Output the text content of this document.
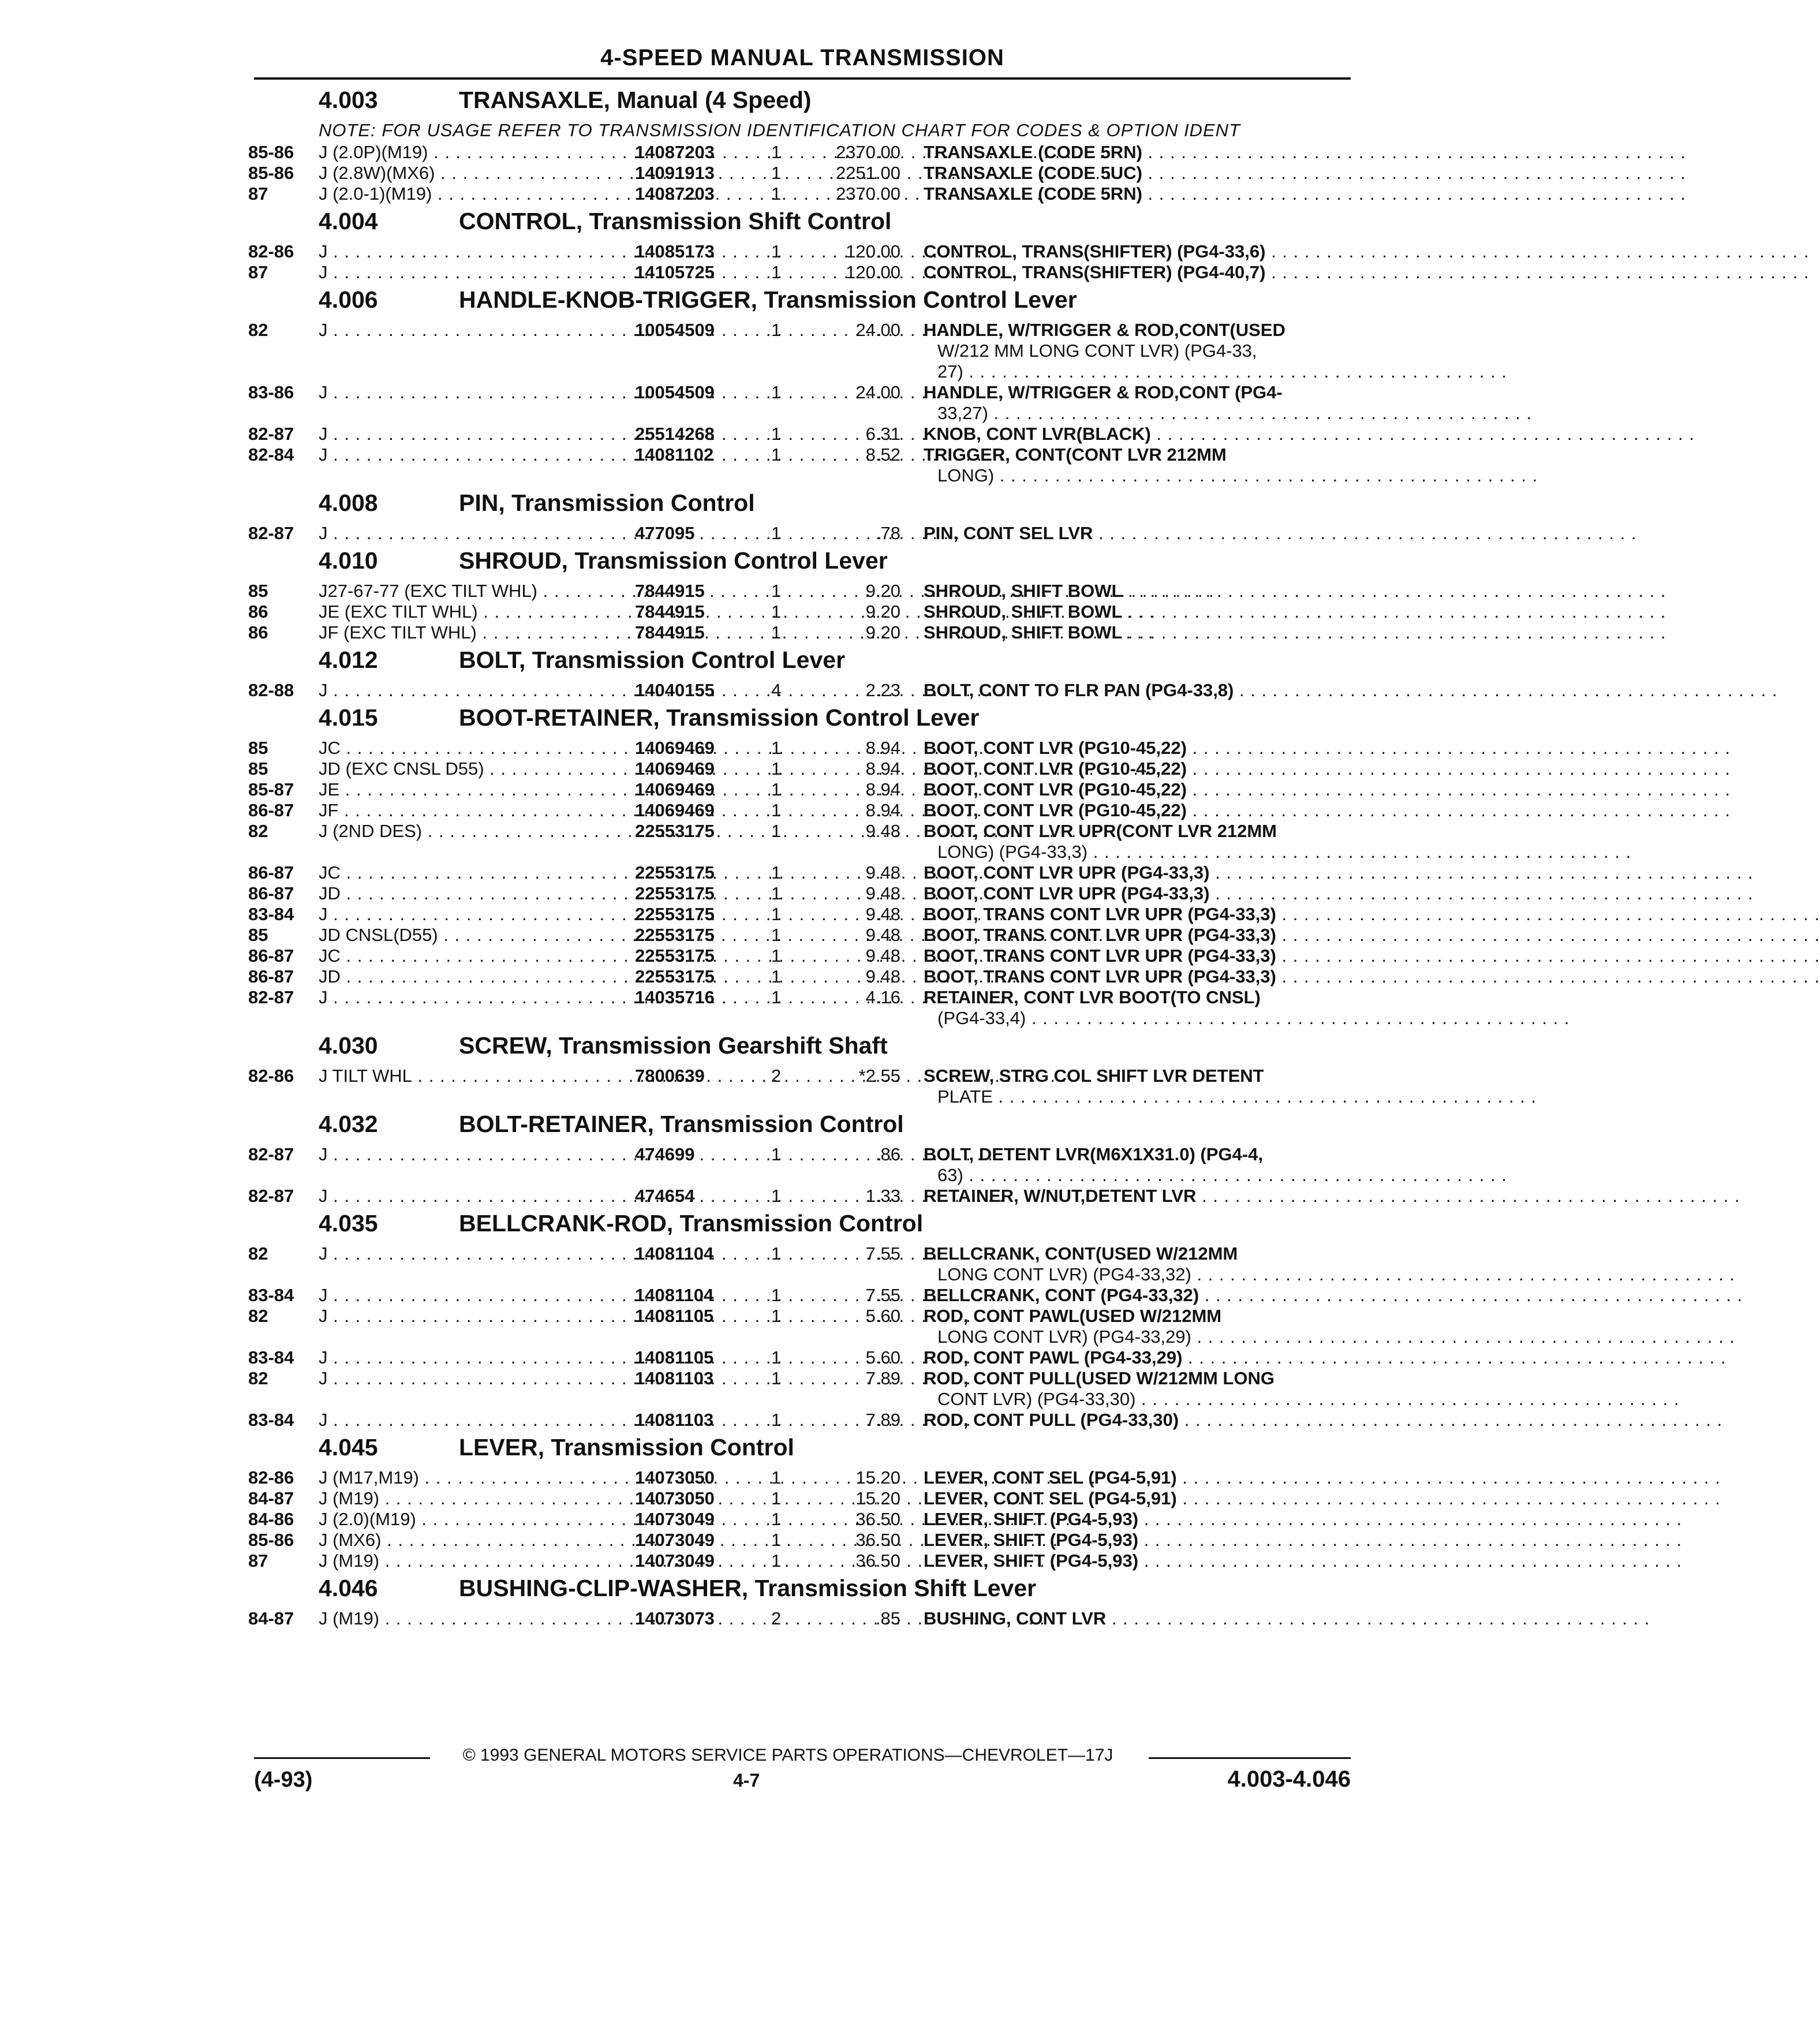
4-SPEED MANUAL TRANSMISSION
4.003	TRANSAXLE, Manual (4 Speed)
NOTE: FOR USAGE REFER TO TRANSMISSION IDENTIFICATION CHART FOR CODES & OPTION IDENT
85-86 J (2.0P)(M19) . . .	14087203	1	2370.00 TRANSAXLE (CODE 5RN) . . . . . . . . . . . . . . . . . . . . . . . . . . . . . . . . . . . . . . . . . . . . . . . . .
85-86 J (2.8W)(MX6) . . .	14091913	1	2251.00 TRANSAXLE (CODE 5UC) . . . . . . . . . . . . . . . . . . . . . . . . . . . . . . . . . . . . . . . . . . . . . . . . .
87	J (2.0-1)(M19) . . .	14087203	1	2370.00 TRANSAXLE (CODE 5RN) . . . . . . . . . . . . . . . . . . . . . . . . . . . . . . . . . . . . . . . . . . . . . . . . .
4.004	CONTROL, Transmission Shift Control
82-86 J . . .	14085173	1	120.00 CONTROL, TRANS(SHIFTER) (PG4-33,6) . . . . . . . . . . . . . . . . . . . . . . . . . . . . . . . . . . . . . . . . . . . . . . . . .
87	J . . .	14105725	1	120.00 CONTROL, TRANS(SHIFTER) (PG4-40,7) . . . . . . . . . . . . . . . . . . . . . . . . . . . . . . . . . . . . . . . . . . . . . . . . .
4.006	HANDLE-KNOB-TRIGGER, Transmission Control Lever
82	J . . .	10054509	1	24.00 HANDLE, W/TRIGGER & ROD,CONT(USED
W/212 MM LONG CONT LVR) (PG4-33,
27) . . . . . . . . . . . . . . . . . . . . . . . . . . . . . . . . . . . . . . . . . . . . . . . . .
83-86 J . . .	10054509	1	24.00 HANDLE, W/TRIGGER & ROD,CONT (PG4-
33,27) . . . . . . . . . . . . . . . . . . . . . . . . . . . . . . . . . . . . . . . . . . . . . . . . .
82-87 J . . .	25514268	1	6.31 KNOB, CONT LVR(BLACK) . . . . . . . . . . . . . . . . . . . . . . . . . . . . . . . . . . . . . . . . . . . . . . . . .
82-84 J . . .	14081102	1	8.52 TRIGGER, CONT(CONT LVR 212MM
LONG) . . . . . . . . . . . . . . . . . . . . . . . . . . . . . . . . . . . . . . . . . . . . . . . . .
4.008	PIN, Transmission Control
82-87 J . . .	477095	1	.78 PIN, CONT SEL LVR . . . . . . . . . . . . . . . . . . . . . . . . . . . . . . . . . . . . . . . . . . . . . . . . .
4.010	SHROUD, Transmission Control Lever
85	J27-67-77 (EXC TILT WHL) . . .	7844915	1	9.20 SHROUD, SHIFT BOWL . . . . . . . . . . . . . . . . . . . . . . . . . . . . . . . . . . . . . . . . . . . . . . . . .
86	JE (EXC TILT WHL) . . .	7844915	1	9.20 SHROUD, SHIFT BOWL . . . . . . . . . . . . . . . . . . . . . . . . . . . . . . . . . . . . . . . . . . . . . . . . .
86	JF (EXC TILT WHL) . . .	7844915	1	9.20 SHROUD, SHIFT BOWL . . . . . . . . . . . . . . . . . . . . . . . . . . . . . . . . . . . . . . . . . . . . . . . . .
4.012	BOLT, Transmission Control Lever
82-88 J . . .	14040155	4	2.23 BOLT, CONT TO FLR PAN (PG4-33,8) . . . . . . . . . . . . . . . . . . . . . . . . . . . . . . . . . . . . . . . . . . . . . . . . .
4.015	BOOT-RETAINER, Transmission Control Lever
85	JC . . .	14069469	1	8.94 BOOT, CONT LVR (PG10-45,22) . . . . . . . . . . . . . . . . . . . . . . . . . . . . . . . . . . . . . . . . . . . . . . . . .
85	JD (EXC CNSL D55) . . .	14069469	1	8.94 BOOT, CONT LVR (PG10-45,22) . . . . . . . . . . . . . . . . . . . . . . . . . . . . . . . . . . . . . . . . . . . . . . . . .
85-87 JE . . .	14069469	1	8.94 BOOT, CONT LVR (PG10-45,22) . . . . . . . . . . . . . . . . . . . . . . . . . . . . . . . . . . . . . . . . . . . . . . . . .
86-87 JF . . .	14069469	1	8.94 BOOT, CONT LVR (PG10-45,22) . . . . . . . . . . . . . . . . . . . . . . . . . . . . . . . . . . . . . . . . . . . . . . . . .
82	J (2ND DES) . . .	22553175	1	9.48 BOOT, CONT LVR UPR(CONT LVR 212MM
LONG) (PG4-33,3) . . . . . . . . . . . . . . . . . . . . . . . . . . . . . . . . . . . . . . . . . . . . . . . . .
86-87 JC . . .	22553175	1	9.48 BOOT, CONT LVR UPR (PG4-33,3) . . . . . . . . . . . . . . . . . . . . . . . . . . . . . . . . . . . . . . . . . . . . . . . . .
86-87 JD . . .	22553175	1	9.48 BOOT, CONT LVR UPR (PG4-33,3) . . . . . . . . . . . . . . . . . . . . . . . . . . . . . . . . . . . . . . . . . . . . . . . . .
83-84 J . . .	22553175	1	9.48 BOOT, TRANS CONT LVR UPR (PG4-33,3) . . . . . . . . . . . . . . . . . . . . . . . . . . . . . . . . . . . . . . . . . . . . . . . . .
85	JD CNSL(D55) . . .	22553175	1	9.48 BOOT, TRANS CONT LVR UPR (PG4-33,3) . . . . . . . . . . . . . . . . . . . . . . . . . . . . . . . . . . . . . . . . . . . . . . . . .
86-87 JC . . .	22553175	1	9.48 BOOT, TRANS CONT LVR UPR (PG4-33,3) . . . . . . . . . . . . . . . . . . . . . . . . . . . . . . . . . . . . . . . . . . . . . . . . .
86-87 JD . . .	22553175	1	9.48 BOOT, TRANS CONT LVR UPR (PG4-33,3) . . . . . . . . . . . . . . . . . . . . . . . . . . . . . . . . . . . . . . . . . . . . . . . . .
82-87 J . . .	14035716	1	4.16 RETAINER, CONT LVR BOOT(TO CNSL)
(PG4-33,4) . . . . . . . . . . . . . . . . . . . . . . . . . . . . . . . . . . . . . . . . . . . . . . . . .
4.030	SCREW, Transmission Gearshift Shaft
82-86 J TILT WHL . . .	7800639	2	*2.55 SCREW, STRG COL SHIFT LVR DETENT
PLATE . . . . . . . . . . . . . . . . . . . . . . . . . . . . . . . . . . . . . . . . . . . . . . . . .
4.032	BOLT-RETAINER, Transmission Control
82-87 J . . .	474699	1	.86 BOLT, DETENT LVR(M6X1X31.0) (PG4-4,
63) . . . . . . . . . . . . . . . . . . . . . . . . . . . . . . . . . . . . . . . . . . . . . . . . .
82-87 J . . .	474654	1	1.33 RETAINER, W/NUT,DETENT LVR . . . . . . . . . . . . . . . . . . . . . . . . . . . . . . . . . . . . . . . . . . . . . . . . .
4.035	BELLCRANK-ROD, Transmission Control
82	J . . .	14081104	1	7.55 BELLCRANK, CONT(USED W/212MM
LONG CONT LVR) (PG4-33,32) . . . . . . . . . . . . . . . . . . . . . . . . . . . . . . . . . . . . . . . . . . . . . . . . .
83-84 J . . .	14081104	1	7.55 BELLCRANK, CONT (PG4-33,32) . . . . . . . . . . . . . . . . . . . . . . . . . . . . . . . . . . . . . . . . . . . . . . . . .
82	J . . .	14081105	1	5.60 ROD, CONT PAWL(USED W/212MM
LONG CONT LVR) (PG4-33,29) . . . . . . . . . . . . . . . . . . . . . . . . . . . . . . . . . . . . . . . . . . . . . . . . .
83-84 J . . .	14081105	1	5.60 ROD, CONT PAWL (PG4-33,29) . . . . . . . . . . . . . . . . . . . . . . . . . . . . . . . . . . . . . . . . . . . . . . . . .
82	J . . .	14081103	1	7.89 ROD, CONT PULL(USED W/212MM LONG
CONT LVR) (PG4-33,30) . . . . . . . . . . . . . . . . . . . . . . . . . . . . . . . . . . . . . . . . . . . . . . . . .
83-84 J . . .	14081103	1	7.89 ROD, CONT PULL (PG4-33,30) . . . . . . . . . . . . . . . . . . . . . . . . . . . . . . . . . . . . . . . . . . . . . . . . .
4.045	LEVER, Transmission Control
82-86 J (M17,M19) . . .	14073050	1	15.20 LEVER, CONT SEL (PG4-5,91) . . . . . . . . . . . . . . . . . . . . . . . . . . . . . . . . . . . . . . . . . . . . . . . . .
84-87 J (M19) . . .	14073050	1	15.20 LEVER, CONT SEL (PG4-5,91) . . . . . . . . . . . . . . . . . . . . . . . . . . . . . . . . . . . . . . . . . . . . . . . . .
84-86 J (2.0)(M19) . . .	14073049	1	36.50 LEVER, SHIFT (PG4-5,93) . . . . . . . . . . . . . . . . . . . . . . . . . . . . . . . . . . . . . . . . . . . . . . . . .
85-86 J (MX6) . . .	14073049	1	36.50 LEVER, SHIFT (PG4-5,93) . . . . . . . . . . . . . . . . . . . . . . . . . . . . . . . . . . . . . . . . . . . . . . . . .
87	J (M19) . . .	14073049	1	36.50 LEVER, SHIFT (PG4-5,93) . . . . . . . . . . . . . . . . . . . . . . . . . . . . . . . . . . . . . . . . . . . . . . . . .
4.046	BUSHING-CLIP-WASHER, Transmission Shift Lever
84-87 J (M19) . . .	14073073	2	.85 BUSHING, CONT LVR . . . . . . . . . . . . . . . . . . . . . . . . . . . . . . . . . . . . . . . . . . . . . . . . .
© 1993 GENERAL MOTORS SERVICE PARTS OPERATIONS—CHEVROLET—17J
(4-93)	4-7	4.003-4.046
